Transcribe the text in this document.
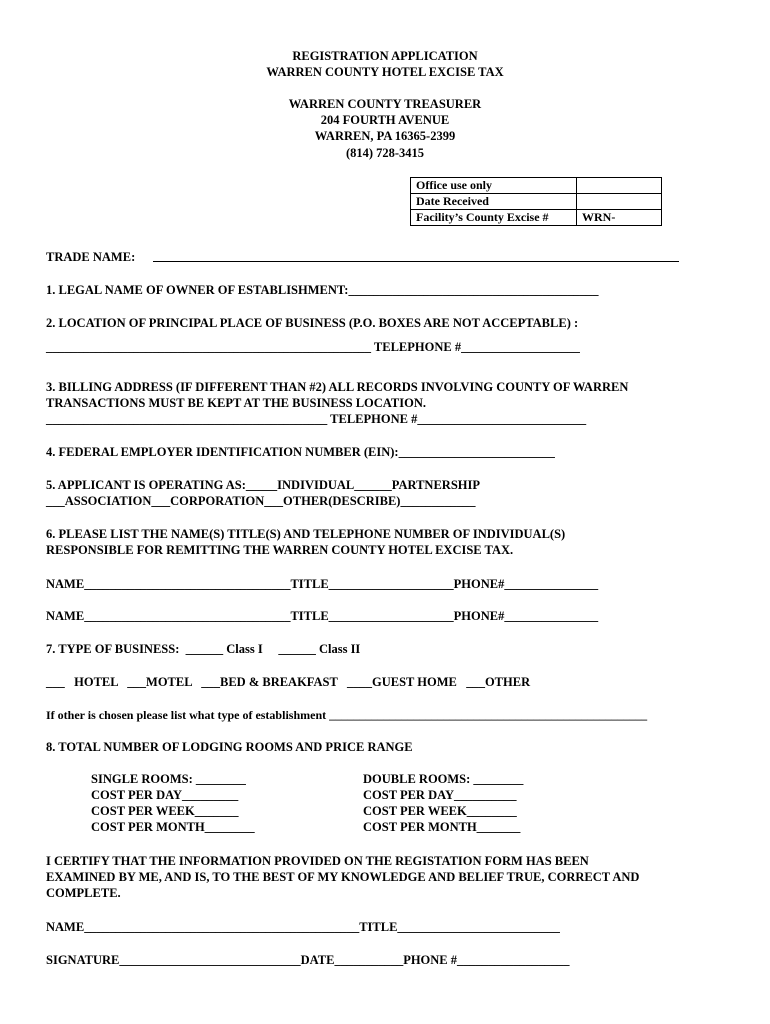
REGISTRATION APPLICATION
WARREN COUNTY HOTEL EXCISE TAX
WARREN COUNTY TREASURER
204 FOURTH AVENUE
WARREN, PA 16365-2399
(814) 728-3415
Office use only	
Date Received	
Facility’s County Excise #	WRN-
TRADE NAME:
1. LEGAL NAME OF OWNER OF ESTABLISHMENT:________________________________________
2. LOCATION OF PRINCIPAL PLACE OF BUSINESS (P.O. BOXES ARE NOT ACCEPTABLE) :
____________________________________________________ TELEPHONE #___________________
3. BILLING ADDRESS (IF DIFFERENT THAN #2) ALL RECORDS INVOLVING COUNTY OF WARREN
TRANSACTIONS MUST BE KEPT AT THE BUSINESS LOCATION.
_____________________________________________ TELEPHONE #___________________________
4. FEDERAL EMPLOYER IDENTIFICATION NUMBER (EIN):_________________________
5. APPLICANT IS OPERATING AS:_____INDIVIDUAL______PARTNERSHIP
___ASSOCIATION___CORPORATION___OTHER(DESCRIBE)____________
6. PLEASE LIST THE NAME(S) TITLE(S) AND TELEPHONE NUMBER OF INDIVIDUAL(S)
RESPONSIBLE FOR REMITTING THE WARREN COUNTY HOTEL EXCISE TAX.
NAME_________________________________TITLE____________________PHONE#_______________
NAME_________________________________TITLE____________________PHONE#_______________
7. TYPE OF BUSINESS:  ______ Class I     ______ Class II
___   HOTEL   ___MOTEL   ___BED & BREAKFAST   ____GUEST HOME   ___OTHER
If other is chosen please list what type of establishment _____________________________________________________
8. TOTAL NUMBER OF LODGING ROOMS AND PRICE RANGE
SINGLE ROOMS: ________
COST PER DAY_________
COST PER WEEK_______
COST PER MONTH________
DOUBLE ROOMS: ________
COST PER DAY__________
COST PER WEEK________
COST PER MONTH_______
I CERTIFY THAT THE INFORMATION PROVIDED ON THE REGISTATION FORM HAS BEEN
EXAMINED BY ME, AND IS, TO THE BEST OF MY KNOWLEDGE AND BELIEF TRUE, CORRECT AND
COMPLETE.
NAME____________________________________________TITLE__________________________
SIGNATURE_____________________________DATE___________PHONE #__________________
